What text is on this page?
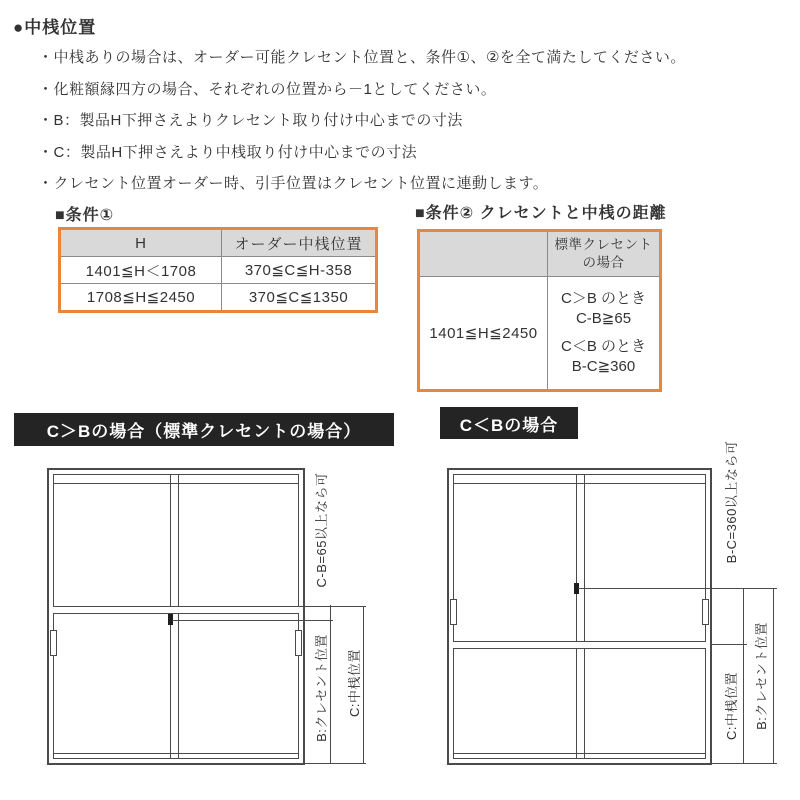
●中桟位置
・中桟ありの場合は、オーダー可能クレセント位置と、条件①、②を全て満たしてください。
・化粧額縁四方の場合、それぞれの位置から－1としてください。
・B：製品H下押さえよりクレセント取り付け中心までの寸法
・C：製品H下押さえより中桟取り付け中心までの寸法
・クレセント位置オーダー時、引手位置はクレセント位置に連動します。
■条件①	■条件② クレセントと中桟の距離
H	オーダー中桟位置
1401≦H＜1708	370≦C≦H-358
1708≦H≦2450	370≦C≦1350

	標準クレセント
の場合

1401≦H≦2450	C＞B のとき
C-B≧65
C＜B のとき
B-C≧360
C＞Bの場合（標準クレセントの場合）	C＜Bの場合
C-B=65以上なら可
B:クレセント位置 C:中桟位置
B-C=360以上なら可
C:中桟位置 B:クレセント位置
